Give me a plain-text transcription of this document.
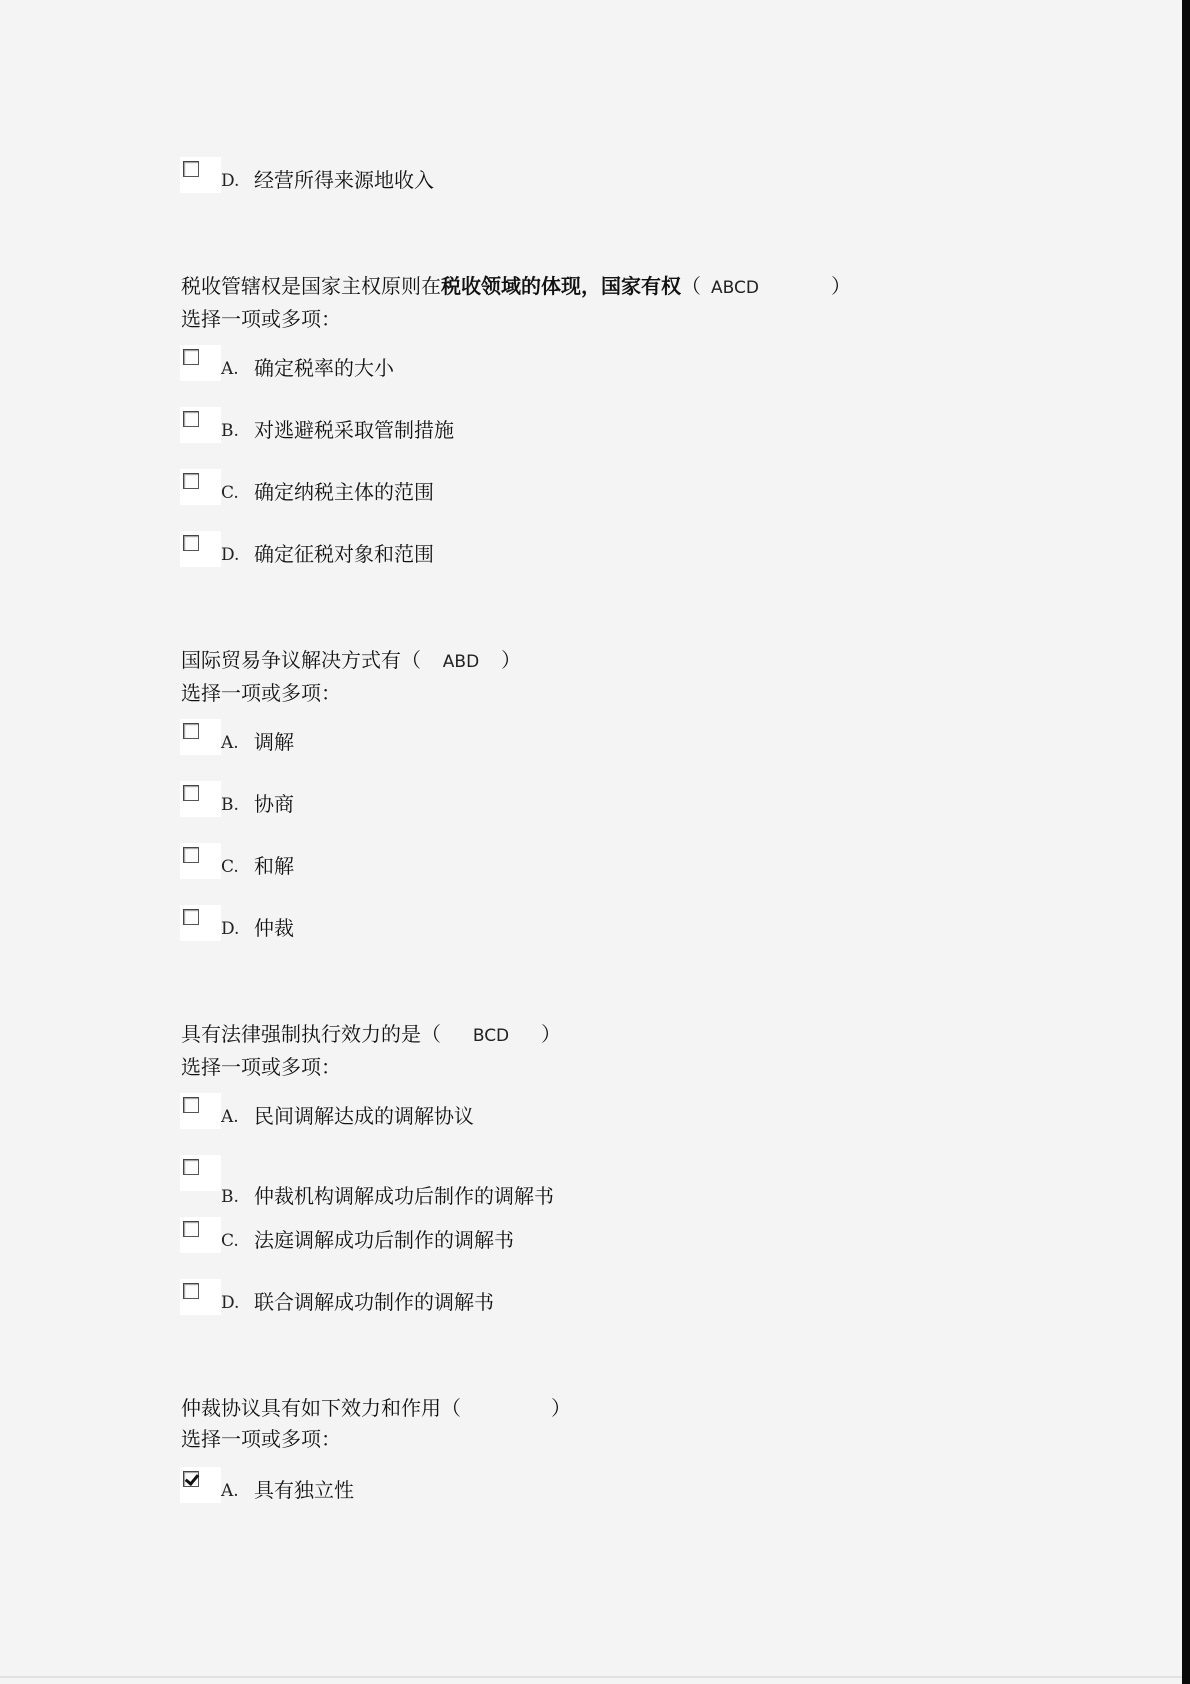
D. 经营所得来源地收入
税收管辖权是国家主权原则在税收领域的体现，国家有权（ ABCD	）
选择一项或多项：
A. 确定税率的大小
B. 对逃避税采取管制措施
C. 确定纳税主体的范围
D. 确定征税对象和范围
国际贸易争议解决方式有（ ABD ）
选择一项或多项：
A. 调解
B. 协商
C. 和解
D. 仲裁
具有法律强制执行效力的是（ BCD ）
选择一项或多项：
A. 民间调解达成的调解协议
B. 仲裁机构调解成功后制作的调解书
C. 法庭调解成功后制作的调解书
D. 联合调解成功制作的调解书
仲裁协议具有如下效力和作用（	）
选择一项或多项：
A. 具有独立性
